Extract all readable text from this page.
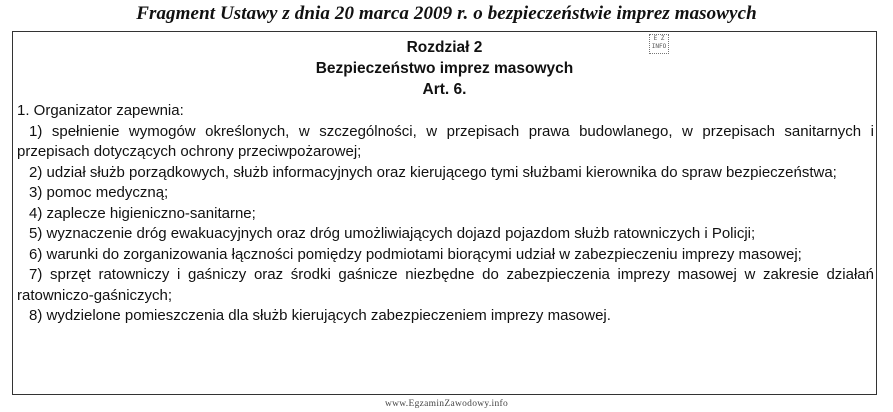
Fragment Ustawy z dnia 20 marca 2009 r. o bezpieczeństwie imprez masowych
E Z
INFO
Rozdział 2
Bezpieczeństwo imprez masowych
Art. 6.

1. Organizator zapewnia:

1) spełnienie wymogów określonych, w szczególności, w przepisach prawa budowlanego, w przepisach sanitarnych i przepisach dotyczących ochrony przeciwpożarowej;

2) udział służb porządkowych, służb informacyjnych oraz kierującego tymi służbami kierownika do spraw bezpieczeństwa;

3) pomoc medyczną;

4) zaplecze higieniczno-sanitarne;

5) wyznaczenie dróg ewakuacyjnych oraz dróg umożliwiających dojazd pojazdom służb ratowniczych i Policji;

6) warunki do zorganizowania łączności pomiędzy podmiotami biorącymi udział w zabezpieczeniu imprezy masowej;

7) sprzęt ratowniczy i gaśniczy oraz środki gaśnicze niezbędne do zabezpieczenia imprezy masowej w zakresie działań ratowniczo-gaśniczych;

8) wydzielone pomieszczenia dla służb kierujących zabezpieczeniem imprezy masowej.

www.EgzaminZawodowy.info
